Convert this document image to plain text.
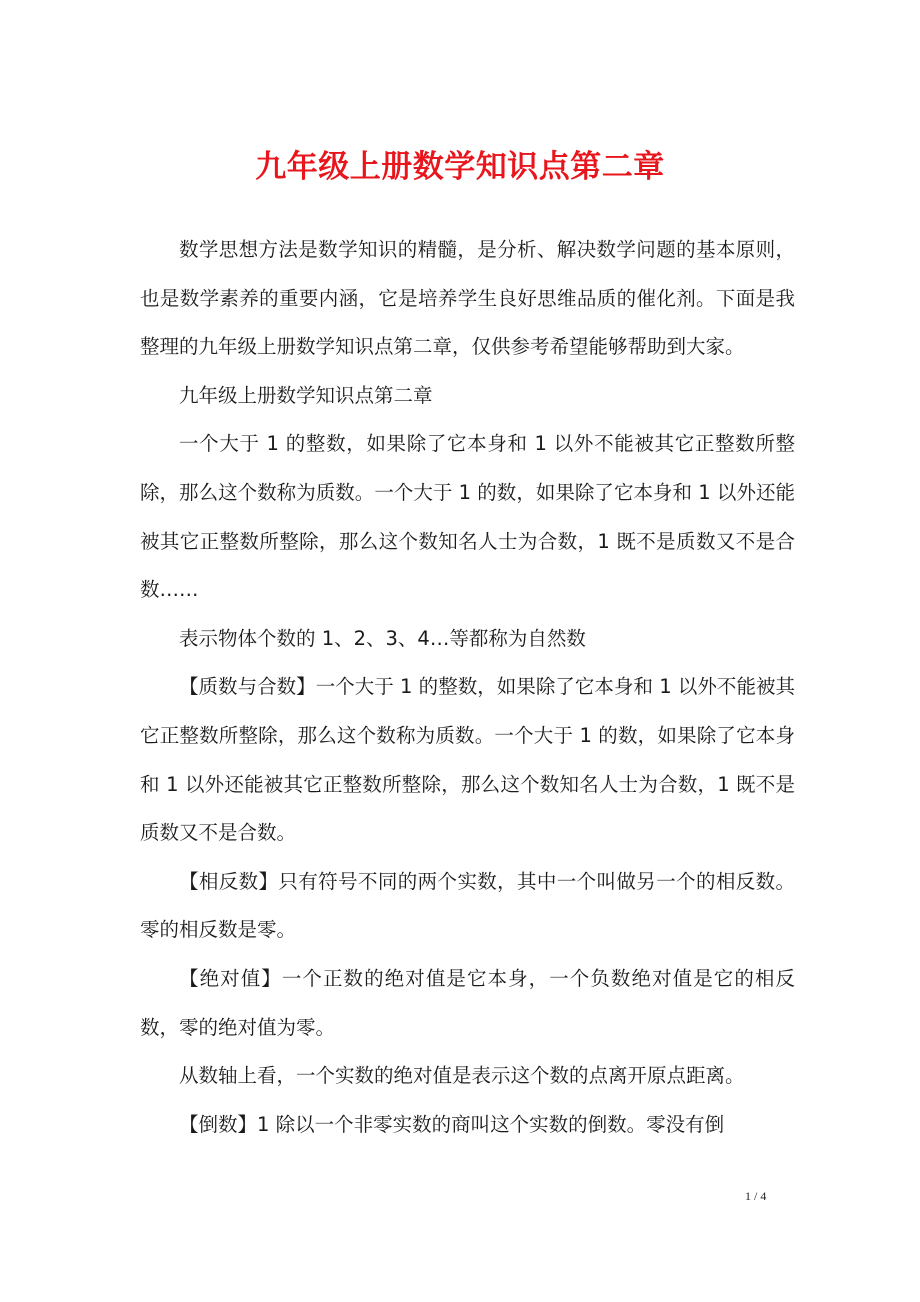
九年级上册数学知识点第二章

数学思想方法是数学知识的精髓，是分析、解决数学问题的基本原则，也是数学素养的重要内涵，它是培养学生良好思维品质的催化剂。下面是我整理的九年级上册数学知识点第二章，仅供参考希望能够帮助到大家。

九年级上册数学知识点第二章

一个大于 1 的整数，如果除了它本身和 1 以外不能被其它正整数所整除，那么这个数称为质数。一个大于 1 的数，如果除了它本身和 1 以外还能被其它正整数所整除，那么这个数知名人士为合数，1 既不是质数又不是合数……

表示物体个数的 1、2、3、4…等都称为自然数

【质数与合数】一个大于 1 的整数，如果除了它本身和 1 以外不能被其它正整数所整除，那么这个数称为质数。一个大于 1 的数，如果除了它本身和 1 以外还能被其它正整数所整除，那么这个数知名人士为合数，1 既不是质数又不是合数。

【相反数】只有符号不同的两个实数，其中一个叫做另一个的相反数。零的相反数是零。

【绝对值】一个正数的绝对值是它本身，一个负数绝对值是它的相反数，零的绝对值为零。

从数轴上看，一个实数的绝对值是表示这个数的点离开原点距离。

【倒数】1 除以一个非零实数的商叫这个实数的倒数。零没有倒

1 / 4
